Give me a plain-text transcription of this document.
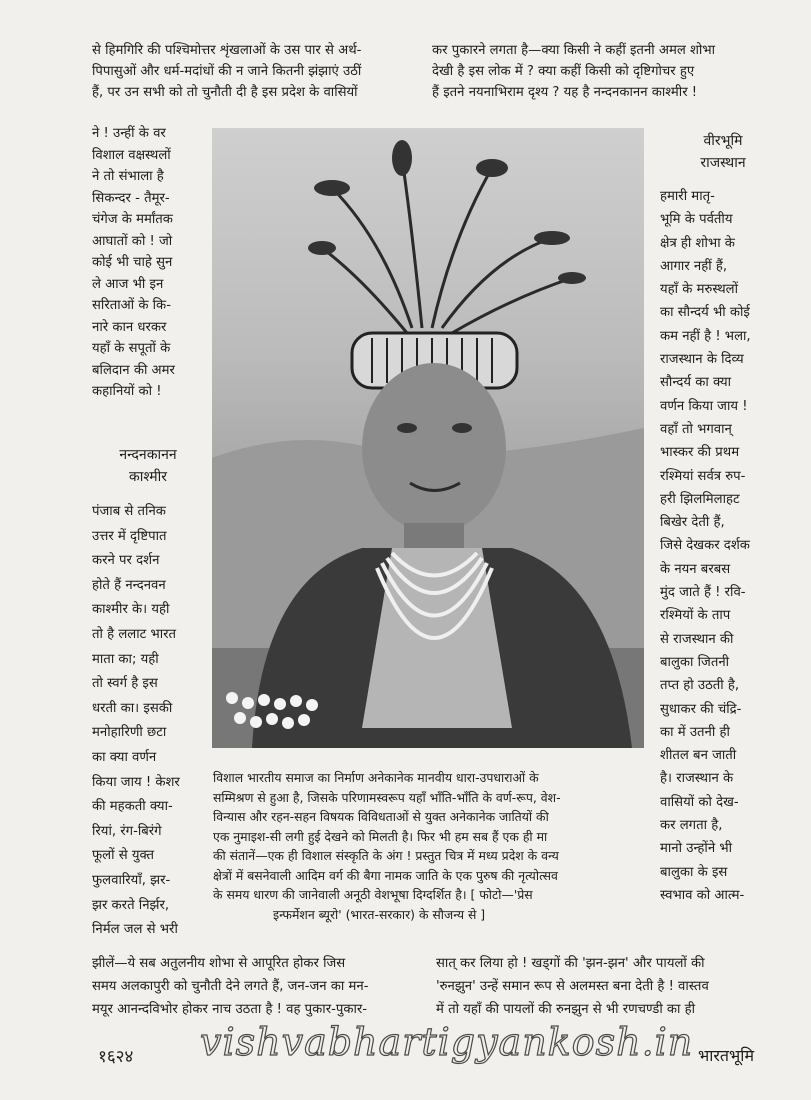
से हिमगिरि की पश्चिमोत्तर शृंखलाओं के उस पार से अर्थ-

पिपासुओं और धर्म-मदांधों की न जाने कितनी झंझाएं उठीं

हैं, पर उन सभी को तो चुनौती दी है इस प्रदेश के वासियों

कर पुकारने लगता है—क्या किसी ने कहीं इतनी अमल शोभा

देखी है इस लोक में ? क्या कहीं किसी को दृष्टिगोचर हुए

हैं इतने नयनाभिराम दृश्य ? यह है नन्दनकानन काश्मीर !

ने ! उन्हीं के वर

विशाल वक्षस्थलों

ने तो संभाला है

सिकन्दर - तैमूर-

चंगेज के मर्मांतक

आघातों को ! जो

कोई भी चाहे सुन

ले आज भी इन

सरिताओं के कि-

नारे कान धरकर

यहाँ के सपूतों के

बलिदान की अमर

कहानियों को !

नन्दनकानन

काश्मीर

पंजाब से तनिक

उत्तर में दृष्टिपात

करने पर दर्शन

होते हैं नन्दनवन

काश्मीर के। यही

तो है ललाट भारत

माता का; यही

तो स्वर्ग है इस

धरती का। इसकी

मनोहारिणी छटा

का क्या वर्णन

किया जाय ! केशर

की महकती क्या-

रियां, रंग-बिरंगे

फूलों से युक्त

फुलवारियाँ, झर-

झर करते निर्झर,

निर्मल जल से भरी

वीरभूमि

राजस्थान

हमारी मातृ-

भूमि के पर्वतीय

क्षेत्र ही शोभा के

आगार नहीं हैं,

यहाँ के मरुस्थलों

का सौन्दर्य भी कोई

कम नहीं है ! भला,

राजस्थान के दिव्य

सौन्दर्य का क्या

वर्णन किया जाय !

वहाँ तो भगवान्

भास्कर की प्रथम

रश्मियां सर्वत्र रुप-

हरी झिलमिलाहट

बिखेर देती हैं,

जिसे देखकर दर्शक

के नयन बरबस

मुंद जाते हैं ! रवि-

रश्मियों के ताप

से राजस्थान की

बालुका जितनी

तप्त हो उठती है,

सुधाकर की चंद्रि-

का में उतनी ही

शीतल बन जाती

है। राजस्थान के

वासियों को देख-

कर लगता है,

मानो उन्होंने भी

बालुका के इस

स्वभाव को आत्म-

विशाल भारतीय समाज का निर्माण अनेकानेक मानवीय धारा-उपधाराओं के

सम्मिश्रण से हुआ है, जिसके परिणामस्वरूप यहाँ भाँति-भाँति के वर्ण-रूप, वेश-

विन्यास और रहन-सहन विषयक विविधताओं से युक्त अनेकानेक जातियों की

एक नुमाइश-सी लगी हुई देखने को मिलती है। फिर भी हम सब हैं एक ही मा

की संतानें—एक ही विशाल संस्कृति के अंग ! प्रस्तुत चित्र में मध्य प्रदेश के वन्य

क्षेत्रों में बसनेवाली आदिम वर्ग की बैगा नामक जाति के एक पुरुष की नृत्योत्सव

के समय धारण की जानेवाली अनूठी वेशभूषा दिग्दर्शित है। [ फोटो—'प्रेस

इन्फर्मेशन ब्यूरो' (भारत-सरकार) के सौजन्य से ]

झीलें—ये सब अतुलनीय शोभा से आपूरित होकर जिस

समय अलकापुरी को चुनौती देने लगते हैं, जन-जन का मन-

मयूर आनन्दविभोर होकर नाच उठता है ! वह पुकार-पुकार-

सात् कर लिया हो ! खड्गों की 'झन-झन' और पायलों की

'रुनझुन' उन्हें समान रूप से अलमस्त बना देती है ! वास्तव

में तो यहाँ की पायलों की रुनझुन से भी रणचण्डी का ही

१६२४ vishvabhartigyankosh.in भारतभूमि
